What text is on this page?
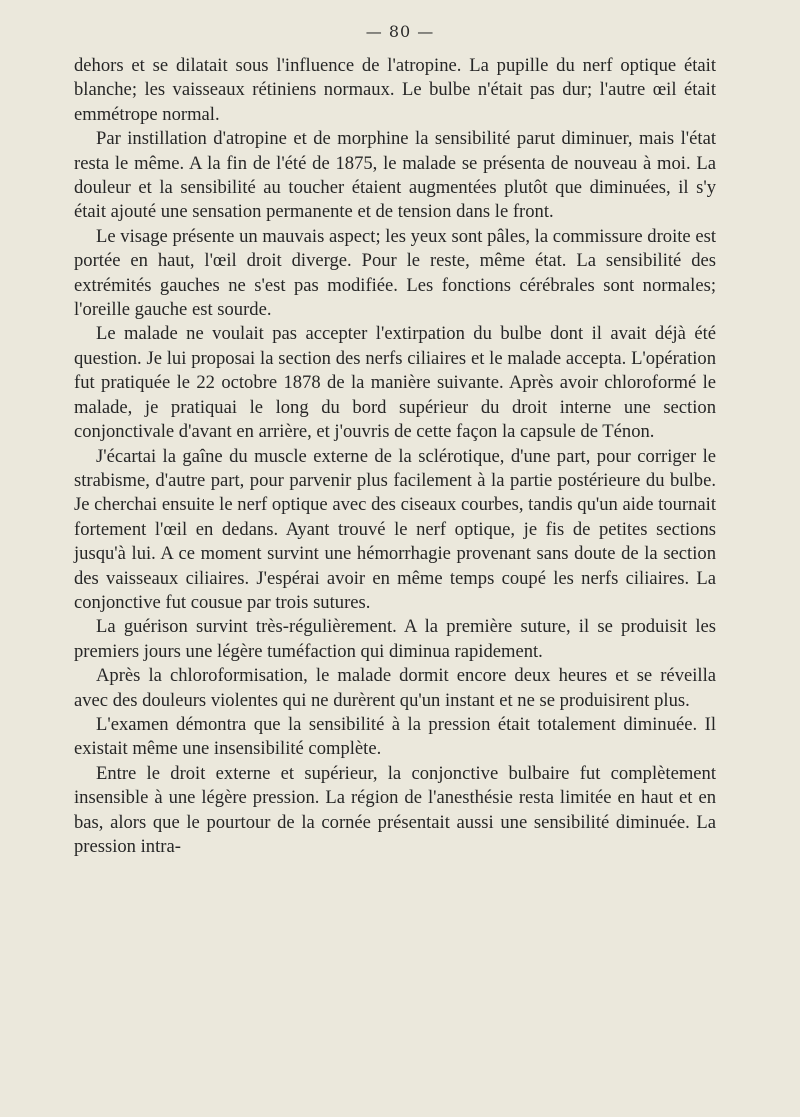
— 80 —

dehors et se dilatait sous l'influence de l'atropine. La pupille du nerf optique était blanche; les vaisseaux rétiniens normaux. Le bulbe n'était pas dur; l'autre œil était emmétrope normal.

Par instillation d'atropine et de morphine la sensibilité parut diminuer, mais l'état resta le même. A la fin de l'été de 1875, le malade se présenta de nouveau à moi. La douleur et la sensibilité au toucher étaient augmentées plutôt que diminuées, il s'y était ajouté une sensation permanente et de tension dans le front.

Le visage présente un mauvais aspect; les yeux sont pâles, la commissure droite est portée en haut, l'œil droit diverge. Pour le reste, même état. La sensibilité des extrémités gauches ne s'est pas modifiée. Les fonctions cérébrales sont normales; l'oreille gauche est sourde.

Le malade ne voulait pas accepter l'extirpation du bulbe dont il avait déjà été question. Je lui proposai la section des nerfs ciliaires et le malade accepta. L'opération fut pratiquée le 22 octobre 1878 de la manière suivante. Après avoir chloroformé le malade, je pratiquai le long du bord supérieur du droit interne une section conjonctivale d'avant en arrière, et j'ouvris de cette façon la capsule de Ténon.

J'écartai la gaîne du muscle externe de la sclérotique, d'une part, pour corriger le strabisme, d'autre part, pour parvenir plus facilement à la partie postérieure du bulbe. Je cherchai ensuite le nerf optique avec des ciseaux courbes, tandis qu'un aide tournait fortement l'œil en dedans. Ayant trouvé le nerf optique, je fis de petites sections jusqu'à lui. A ce moment survint une hémorrhagie provenant sans doute de la section des vaisseaux ciliaires. J'espérai avoir en même temps coupé les nerfs ciliaires. La conjonctive fut cousue par trois sutures.

La guérison survint très-régulièrement. A la première suture, il se produisit les premiers jours une légère tuméfaction qui diminua rapidement.

Après la chloroformisation, le malade dormit encore deux heures et se réveilla avec des douleurs violentes qui ne durèrent qu'un instant et ne se produisirent plus.

L'examen démontra que la sensibilité à la pression était totalement diminuée. Il existait même une insensibilité complète.

Entre le droit externe et supérieur, la conjonctive bulbaire fut complètement insensible à une légère pression. La région de l'anesthésie resta limitée en haut et en bas, alors que le pourtour de la cornée présentait aussi une sensibilité diminuée. La pression intra-
